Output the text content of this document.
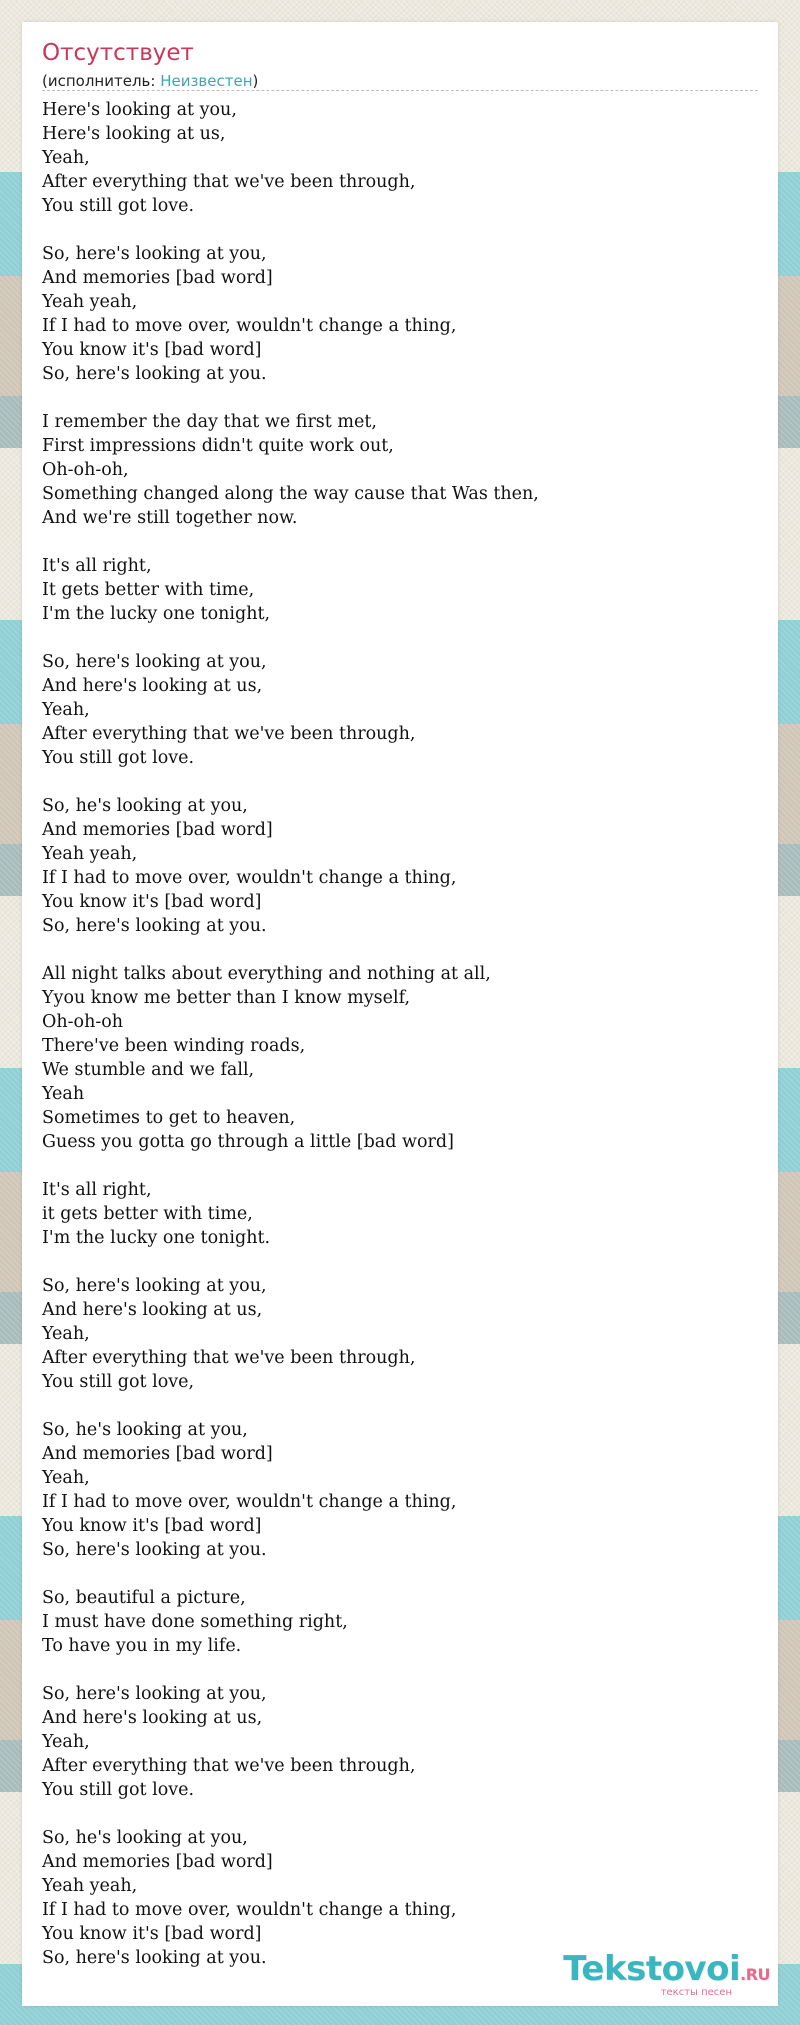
Отсутствует
(исполнитель: Неизвестен)
Here's looking at you,
Here's looking at us,
Yeah,
After everything that we've been through,
You still got love.
So, here's looking at you,
And memories [bad word]
Yeah yeah,
If I had to move over, wouldn't change a thing,
You know it's [bad word]
So, here's looking at you.
I remember the day that we first met,
First impressions didn't quite work out,
Oh-oh-oh,
Something changed along the way cause that Was then,
And we're still together now.
It's all right,
It gets better with time,
I'm the lucky one tonight,
So, here's looking at you,
And here's looking at us,
Yeah,
After everything that we've been through,
You still got love.
So, he's looking at you,
And memories [bad word]
Yeah yeah,
If I had to move over, wouldn't change a thing,
You know it's [bad word]
So, here's looking at you.
All night talks about everything and nothing at all,
Yyou know me better than I know myself,
Oh-oh-oh
There've been winding roads,
We stumble and we fall,
Yeah
Sometimes to get to heaven,
Guess you gotta go through a little [bad word]
It's all right,
it gets better with time,
I'm the lucky one tonight.
So, here's looking at you,
And here's looking at us,
Yeah,
After everything that we've been through,
You still got love,
So, he's looking at you,
And memories [bad word]
Yeah,
If I had to move over, wouldn't change a thing,
You know it's [bad word]
So, here's looking at you.
So, beautiful a picture,
I must have done something right,
To have you in my life.
So, here's looking at you,
And here's looking at us,
Yeah,
After everything that we've been through,
You still got love.
So, he's looking at you,
And memories [bad word]
Yeah yeah,
If I had to move over, wouldn't change a thing,
You know it's [bad word]
So, here's looking at you.	Tekstovoi.RU
тексты песен
